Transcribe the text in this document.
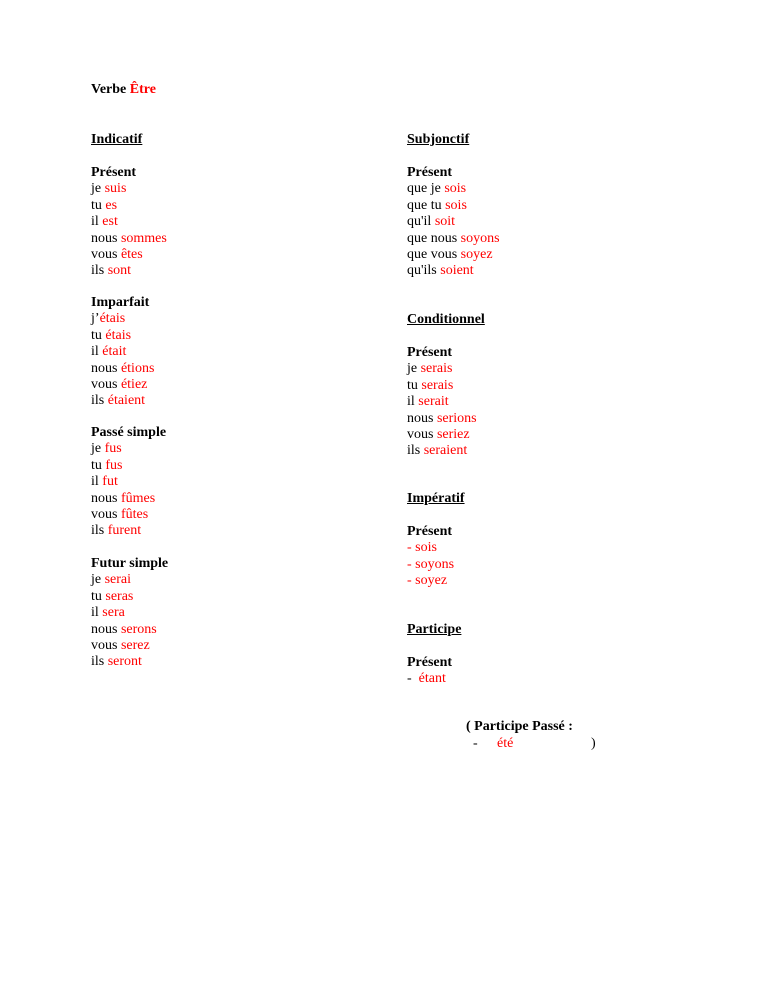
Verbe Être
Indicatif
Présent
je suis
tu es
il est
nous sommes
vous êtes
ils sont
Imparfait
j’étais
tu étais
il était
nous étions
vous étiez
ils étaient
Passé simple
je fus
tu fus
il fut
nous fûmes
vous fûtes
ils furent
Futur simple
je serai
tu seras
il sera
nous serons
vous serez
ils seront
Subjonctif
Présent
que je sois
que tu sois
qu'il soit
que nous soyons
que vous soyez
qu'ils soient
Conditionnel
Présent
je serais
tu serais
il serait
nous serions
vous seriez
ils seraient
Impératif
Présent
- sois
- soyons
- soyez
Participe
Présent
-  étant
( Participe Passé :
- été	)
